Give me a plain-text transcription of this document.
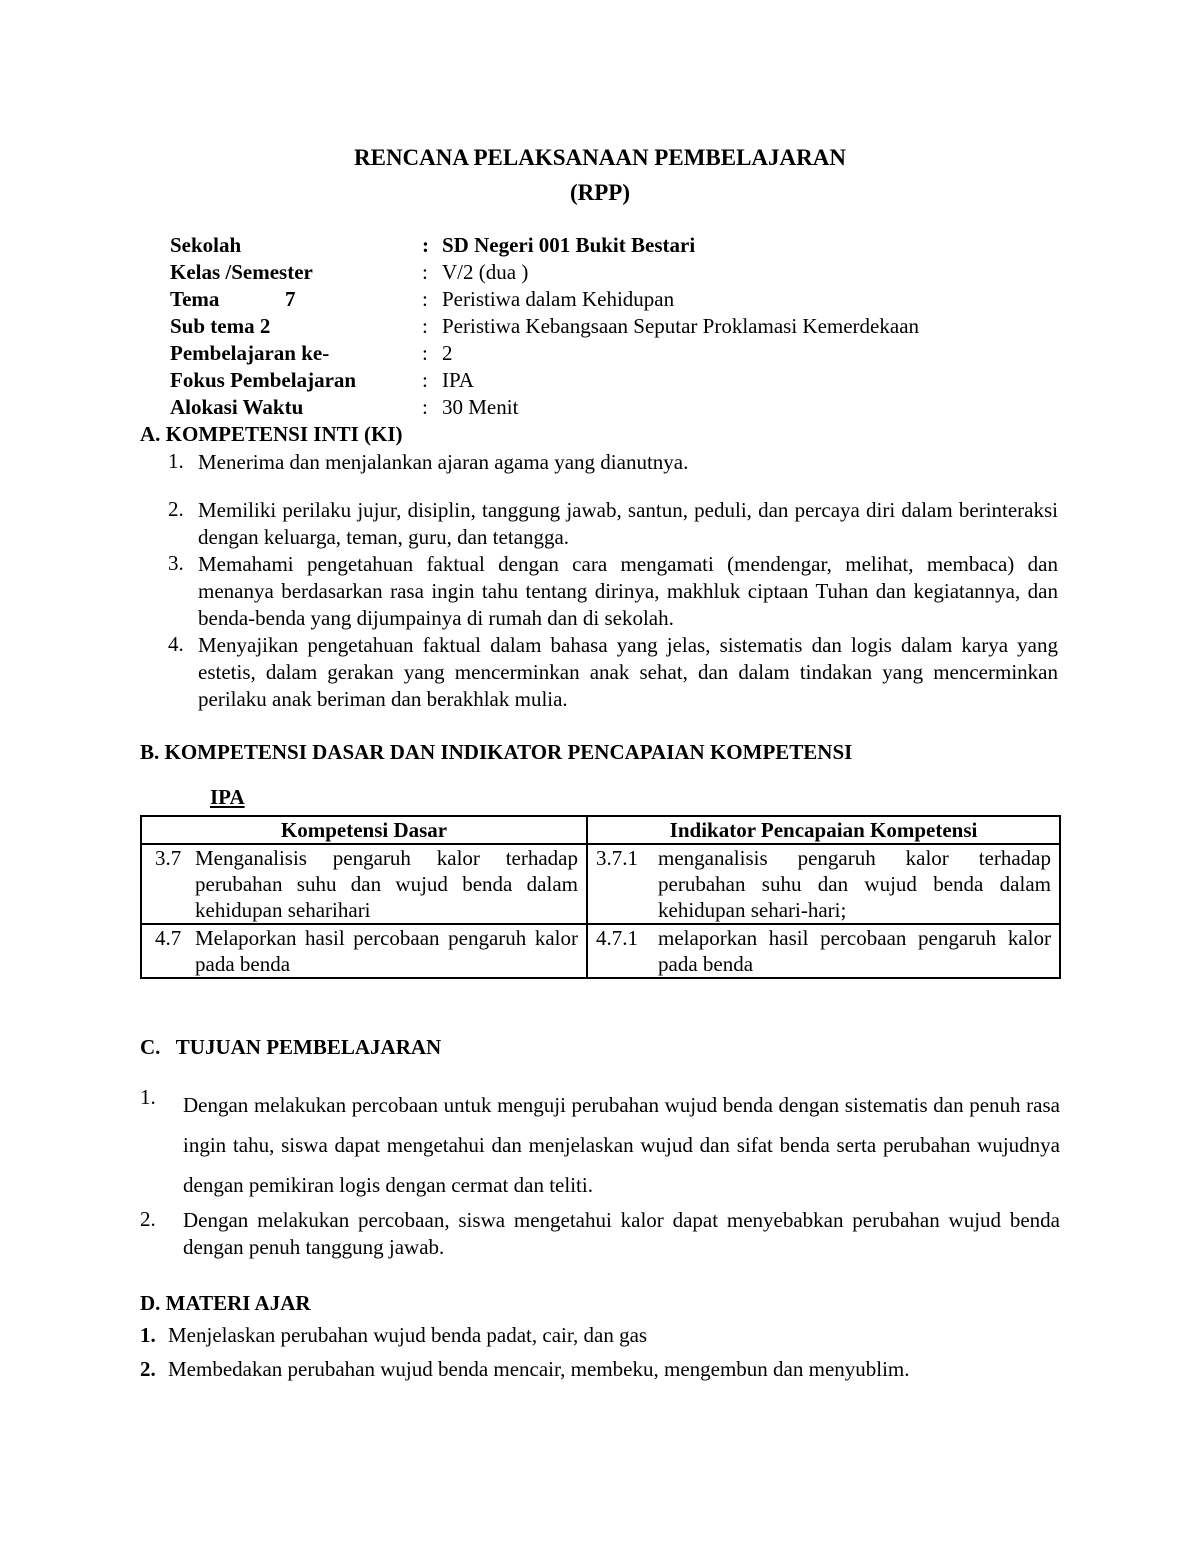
RENCANA PELAKSANAAN PEMBELAJARAN
(RPP)
Sekolah	: SD Negeri 001 Bukit Bestari
Kelas /Semester	: V/2 (dua )
Tema	7	: Peristiwa dalam Kehidupan
Sub tema 2	: Peristiwa Kebangsaan Seputar Proklamasi Kemerdekaan
Pembelajaran ke-	: 2
Fokus Pembelajaran	: IPA
Alokasi Waktu	: 30 Menit
A. KOMPETENSI INTI (KI)
1. Menerima dan menjalankan ajaran agama yang dianutnya.
2. Memiliki perilaku jujur, disiplin, tanggung jawab, santun, peduli, dan percaya diri dalam berinteraksi dengan keluarga, teman, guru, dan tetangga.
3. Memahami pengetahuan faktual dengan cara mengamati (mendengar, melihat, membaca) dan menanya berdasarkan rasa ingin tahu tentang dirinya, makhluk ciptaan Tuhan dan kegiatannya, dan benda-benda yang dijumpainya di rumah dan di sekolah.
4. Menyajikan pengetahuan faktual dalam bahasa yang jelas, sistematis dan logis dalam karya yang estetis, dalam gerakan yang mencerminkan anak sehat, dan dalam tindakan yang mencerminkan perilaku anak beriman dan berakhlak mulia.
B. KOMPETENSI DASAR DAN INDIKATOR PENCAPAIAN KOMPETENSI
IPA
Kompetensi Dasar	Indikator Pencapaian Kompetensi

3.7 Menganalisis pengaruh kalor terhadap perubahan suhu dan wujud benda dalam kehidupan sehariharі	3.7.1 menganalisis pengaruh kalor terhadap perubahan suhu dan wujud benda dalam kehidupan sehari-hari;

4.7 Melaporkan hasil percobaan pengaruh kalor pada benda	4.7.1 melaporkan hasil percobaan pengaruh kalor pada benda
C.   TUJUAN PEMBELAJARAN
1. Dengan melakukan percobaan untuk menguji perubahan wujud benda dengan sistematis dan penuh rasa ingin tahu, siswa dapat mengetahui dan menjelaskan wujud dan sifat benda serta perubahan wujudnya dengan pemikiran logis dengan cermat dan teliti.
2. Dengan melakukan percobaan, siswa mengetahui kalor dapat menyebabkan perubahan wujud benda dengan penuh tanggung jawab.
D. MATERI AJAR
1. Menjelaskan perubahan wujud benda padat, cair, dan gas
2. Membedakan perubahan wujud benda mencair, membeku, mengembun dan menyublim.
